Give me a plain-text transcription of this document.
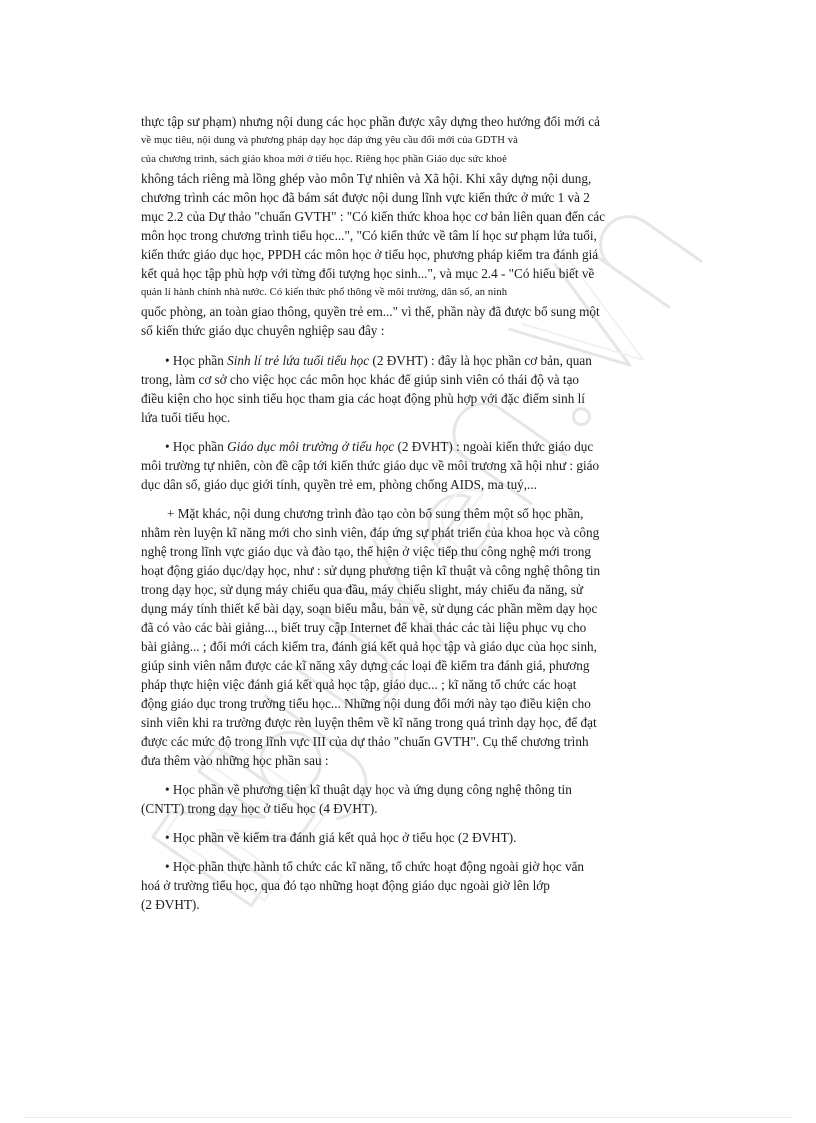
thực tập sư phạm) nhưng nội dung các học phần được xây dựng theo hướng đổi mới cả
về mục tiêu, nội dung và phương pháp dạy học đáp ứng yêu cầu đổi mới của GDTH và
của chương trình, sách giáo khoa mới ở tiểu học. Riêng học phần Giáo dục sức khoẻ
không tách riêng mà lồng ghép vào môn Tự nhiên và Xã hội. Khi xây dựng nội dung,
chương trình các môn học đã bám sát được nội dung lĩnh vực kiến thức ở mức 1 và 2
mục 2.2 của Dự thảo "chuẩn GVTH" : "Có kiến thức khoa học cơ bản liên quan đến các
môn học trong chương trình tiểu học...", "Có kiến thức về tâm lí học sư phạm lứa tuổi,
kiến thức giáo dục học, PPDH các môn học ở tiểu học, phương pháp kiểm tra đánh giá
kết quả học tập phù hợp với từng đối tượng học sinh...", và mục 2.4 - "Có hiểu biết về
quản lí hành chính nhà nước. Có kiến thức phổ thông về môi trường, dân số, an ninh
quốc phòng, an toàn giao thông, quyền trẻ em..." vì thế, phần này đã được bổ sung một
số kiến thức giáo dục chuyên nghiệp sau đây :
• Học phần Sinh lí trẻ lứa tuổi tiểu học (2 ĐVHT) : đây là học phần cơ bản, quan
trong, làm cơ sở cho việc học các môn học khác để giúp sinh viên có thái độ và tạo
điều kiện cho học sinh tiểu học tham gia các hoạt động phù hợp với đặc điểm sinh lí
lứa tuổi tiểu học.
• Học phần Giáo dục môi trường ở tiểu học (2 ĐVHT) : ngoài kiến thức giáo dục
môi trường tự nhiên, còn đề cập tới kiến thức giáo dục về môi trương xã hội như : giáo
dục dân số, giáo dục giới tính, quyền trẻ em, phòng chống AIDS, ma tuý,...
+ Mặt khác, nội dung chương trình đào tạo còn bổ sung thêm một số học phần,
nhằm rèn luyện kĩ năng mới cho sinh viên, đáp ứng sự phát triển của khoa học và công
nghệ trong lĩnh vực giáo dục và đào tạo, thể hiện ở việc tiếp thu công nghệ mới trong
hoạt động giáo dục/dạy học, như : sử dụng phương tiện kĩ thuật và công nghệ thông tin
trong dạy học, sử dụng máy chiếu qua đầu, máy chiếu slight, máy chiếu đa năng, sử
dụng máy tính thiết kế bài dạy, soạn biểu mẫu, bản vẽ, sử dụng các phần mềm dạy học
đã có vào các bài giảng..., biết truy cập Internet để khai thác các tài liệu phục vụ cho
bài giảng... ; đổi mới cách kiểm tra, đánh giá kết quả học tập và giáo dục của học sinh,
giúp sinh viên nắm được các kĩ năng xây dựng các loại đề kiểm tra đánh giá, phương
pháp thực hiện việc đánh giá kết quả học tập, giáo dục... ; kĩ năng tổ chức các hoạt
động giáo dục trong trường tiểu học... Những nội dung đổi mới này tạo điều kiện cho
sinh viên khi ra trường được rèn luyện thêm về kĩ năng trong quá trình dạy học, để đạt
được các mức độ trong lĩnh vực III của dự thảo "chuẩn GVTH". Cụ thể chương trình
đưa thêm vào những học phần sau :
• Học phần về phương tiện kĩ thuật dạy học và ứng dụng công nghệ thông tin
(CNTT) trong dạy học ở tiểu học (4 ĐVHT).
• Học phần về kiểm tra đánh giá kết quả học ở tiểu học (2 ĐVHT).
• Học phần thực hành tổ chức các kĩ năng, tổ chức hoạt động ngoài giờ học văn
hoá ở trường tiểu học, qua đó tạo những hoạt động giáo dục ngoài giờ lên lớp
(2 ĐVHT).
